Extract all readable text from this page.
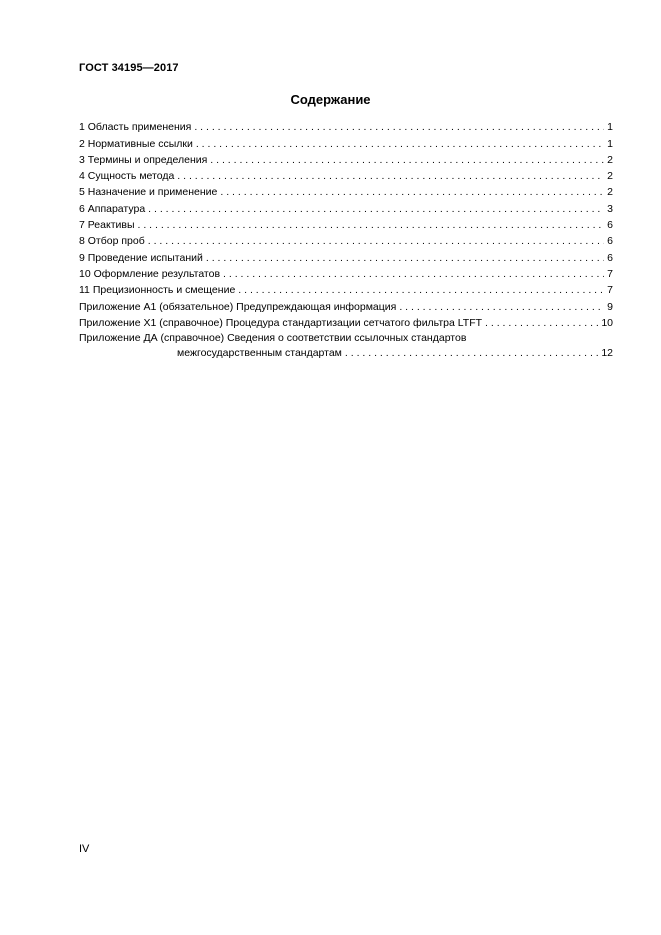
ГОСТ 34195—2017
Содержание
1 Область применения . . .	1
2 Нормативные ссылки . . .	1
3 Термины и определения . . .	2
4 Сущность метода . . .	2
5 Назначение и применение . . .	2
6 Аппаратура . . .	3
7 Реактивы . . .	6
8 Отбор проб . . .	6
9 Проведение испытаний . . .	6
10 Оформление результатов . . .	7
11 Прецизионность и смещение . . .	7
Приложение А1 (обязательное) Предупреждающая информация . . .	9
Приложение Х1 (справочное) Процедура стандартизации сетчатого фильтра LTFT . . .	10
Приложение ДА (справочное) Сведения о соответствии ссылочных стандартов
межгосударственным стандартам . . .	12
IV
